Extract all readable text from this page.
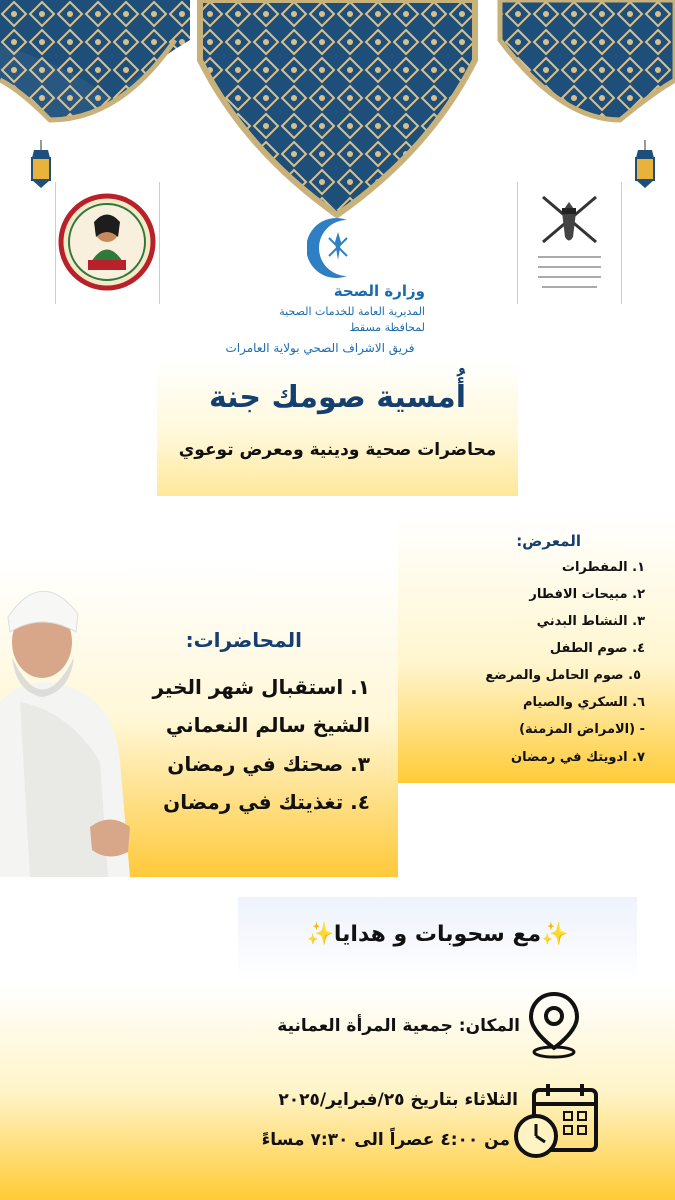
وزارة الصحة
المديرية العامة للخدمات الصحية
لمحافظة مسقط
فريق الاشراف الصحي بولاية العامرات
أُمسية صومك جنة
محاضرات صحية ودينية ومعرض توعوي
المعرض:
١. المفطرات
٢. مبيحات الافطار
٣. النشاط البدني
٤. صوم الطفل
٥. صوم الحامل والمرضع
٦. السكري والصيام
- (الامراض المزمنة)
٧. ادويتك في رمضان
المحاضرات:
١. استقبال شهر الخير
الشيخ سالم النعماني
٣. صحتك في رمضان
٤. تغذيتك في رمضان
✨مع سحوبات و هدايا✨
المكان: جمعية المرأة العمانية
الثلاثاء بتاريخ ٢٥/فبراير/٢٠٢٥
من ٤:٠٠ عصراً الى ٧:٣٠ مساءً
